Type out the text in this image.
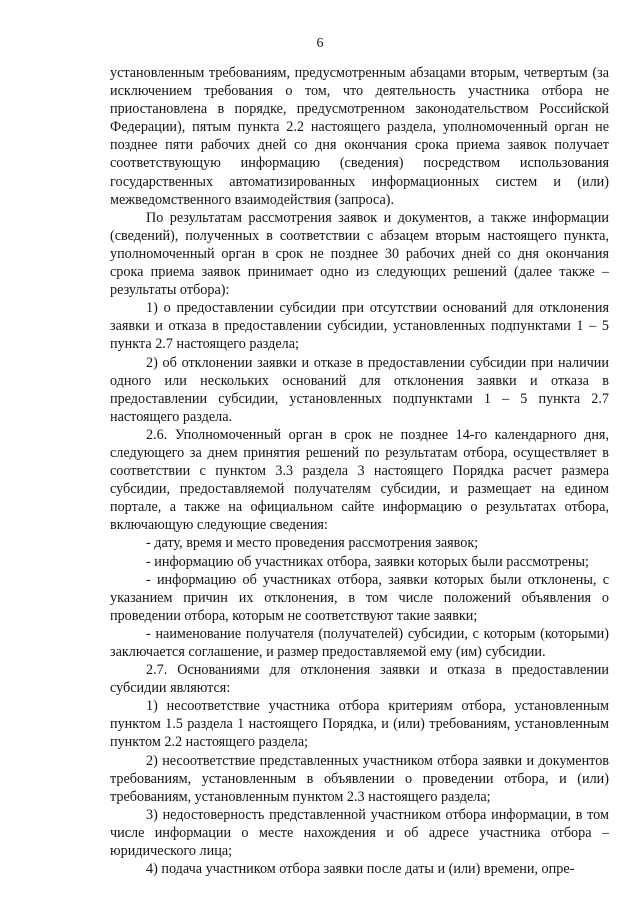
6

установленным требованиям, предусмотренным абзацами вторым, четвертым (за исключением требования о том, что деятельность участника отбора не приостановлена в порядке, предусмотренном законодательством Российской Федерации), пятым пункта 2.2 настоящего раздела, уполномоченный орган не позднее пяти рабочих дней со дня окончания срока приема заявок получает соответствующую информацию (сведения) посредством использования государственных автоматизированных информационных систем и (или) межведомственного взаимодействия (запроса).

По результатам рассмотрения заявок и документов, а также информации (сведений), полученных в соответствии с абзацем вторым настоящего пункта, уполномоченный орган в срок не позднее 30 рабочих дней со дня окончания срока приема заявок принимает одно из следующих решений (далее также – результаты отбора):

1) о предоставлении субсидии при отсутствии оснований для отклонения заявки и отказа в предоставлении субсидии, установленных подпунктами 1 – 5 пункта 2.7 настоящего раздела;

2) об отклонении заявки и отказе в предоставлении субсидии при наличии одного или нескольких оснований для отклонения заявки и отказа в предоставлении субсидии, установленных подпунктами 1 – 5 пункта 2.7 настоящего раздела.

2.6. Уполномоченный орган в срок не позднее 14-го календарного дня, следующего за днем принятия решений по результатам отбора, осуществляет в соответствии с пунктом 3.3 раздела 3 настоящего Порядка расчет размера субсидии, предоставляемой получателям субсидии, и размещает на едином портале, а также на официальном сайте информацию о результатах отбора, включающую следующие сведения:

- дату, время и место проведения рассмотрения заявок;

- информацию об участниках отбора, заявки которых были рассмотрены;

- информацию об участниках отбора, заявки которых были отклонены, с указанием причин их отклонения, в том числе положений объявления о проведении отбора, которым не соответствуют такие заявки;

- наименование получателя (получателей) субсидии, с которым (которыми) заключается соглашение, и размер предоставляемой ему (им) субсидии.

2.7. Основаниями для отклонения заявки и отказа в предоставлении субсидии являются:

1) несоответствие участника отбора критериям отбора, установленным пунктом 1.5 раздела 1 настоящего Порядка, и (или) требованиям, установленным пунктом 2.2 настоящего раздела;

2) несоответствие представленных участником отбора заявки и документов требованиям, установленным в объявлении о проведении отбора, и (или) требованиям, установленным пунктом 2.3 настоящего раздела;

3) недостоверность представленной участником отбора информации, в том числе информации о месте нахождения и об адресе участника отбора – юридического лица;

4) подача участником отбора заявки после даты и (или) времени, опре-
